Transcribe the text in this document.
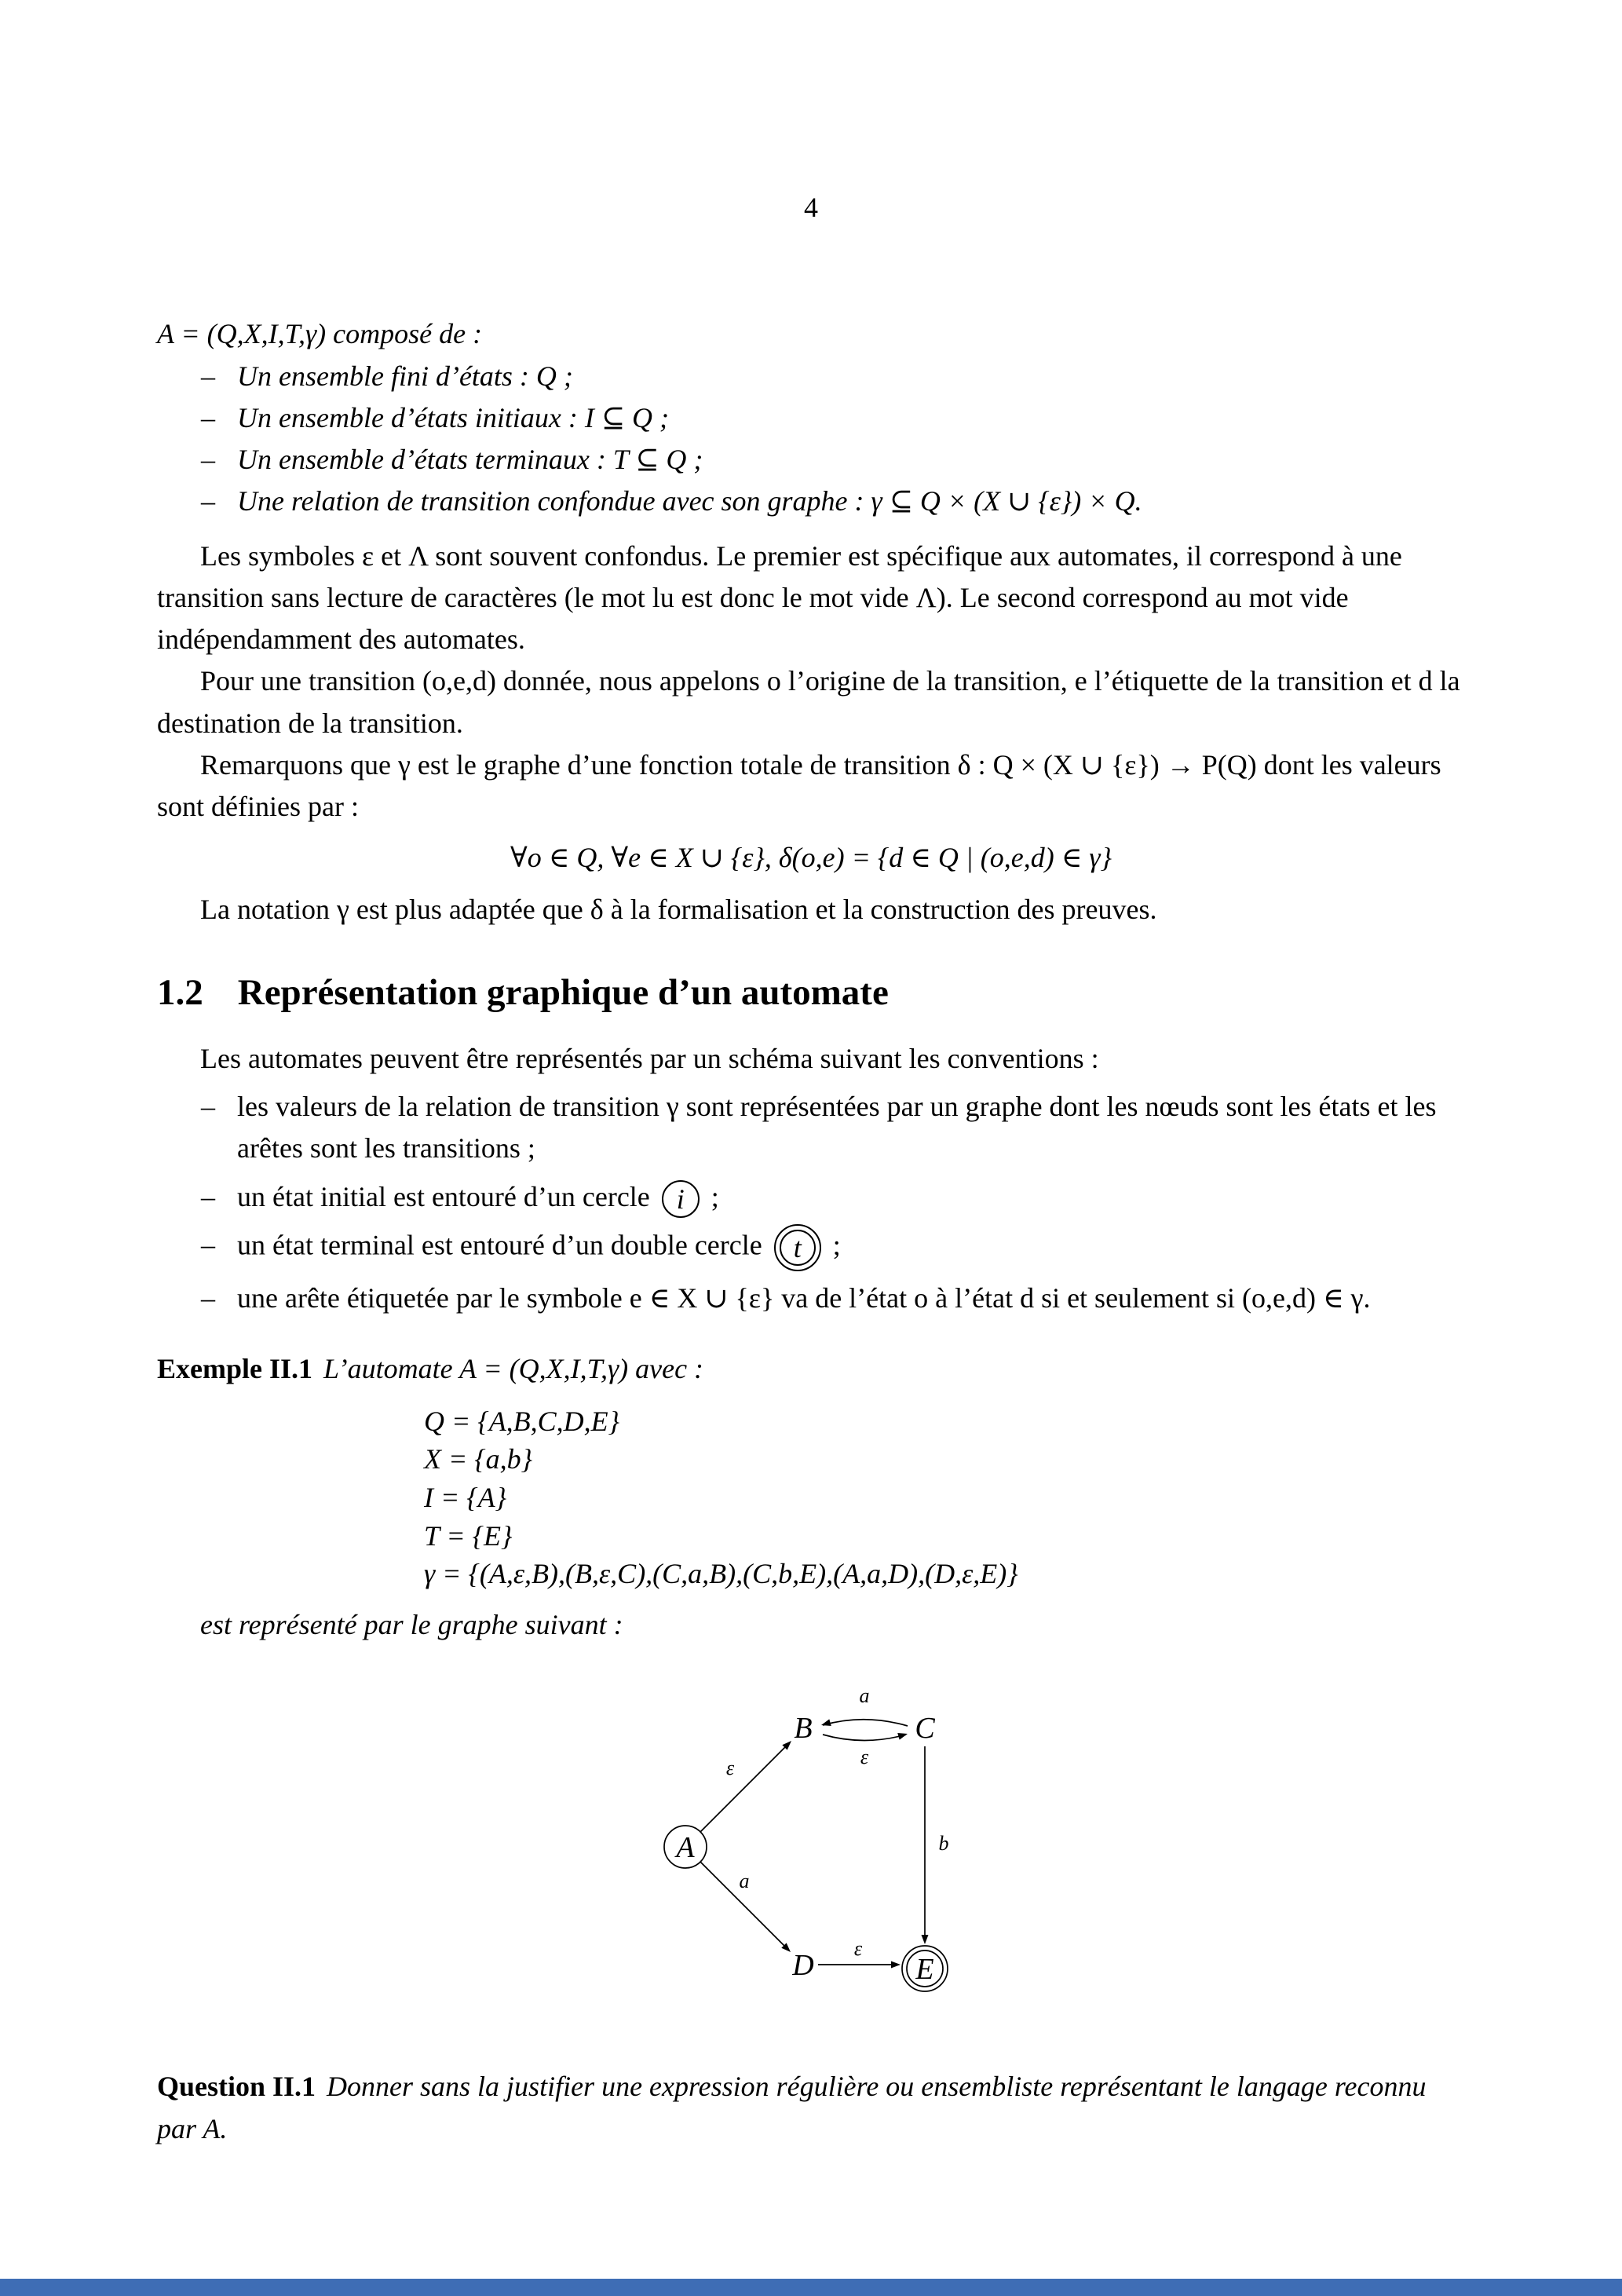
4

A = (Q,X,I,T,γ) composé de :

– Un ensemble fini d’états : Q ;
– Un ensemble d’états initiaux : I ⊆ Q ;
– Un ensemble d’états terminaux : T ⊆ Q ;
– Une relation de transition confondue avec son graphe : γ ⊆ Q × (X ∪ {ε}) × Q.

Les symboles ε et Λ sont souvent confondus. Le premier est spécifique aux automates, il correspond à une transition sans lecture de caractères (le mot lu est donc le mot vide Λ). Le second correspond au mot vide indépendamment des automates.

Pour une transition (o,e,d) donnée, nous appelons o l’origine de la transition, e l’étiquette de la transition et d la destination de la transition.

Remarquons que γ est le graphe d’une fonction totale de transition δ : Q × (X ∪ {ε}) → P(Q) dont les valeurs sont définies par :

∀o ∈ Q, ∀e ∈ X ∪ {ε}, δ(o,e) = {d ∈ Q | (o,e,d) ∈ γ}

La notation γ est plus adaptée que δ à la formalisation et la construction des preuves.

1.2 Représentation graphique d’un automate

Les automates peuvent être représentés par un schéma suivant les conventions :

– les valeurs de la relation de transition γ sont représentées par un graphe dont les nœuds sont les états et les arêtes sont les transitions ;
– un état initial est entouré d’un cercle i ;
– un état terminal est entouré d’un double cercle t ;
– une arête étiquetée par le symbole e ∈ X ∪ {ε} va de l’état o à l’état d si et seulement si (o,e,d) ∈ γ.

Exemple II.1 L’automate A = (Q,X,I,T,γ) avec :

Q = {A,B,C,D,E}
X = {a,b}
I = {A}
T = {E}
γ = {(A,ε,B),(B,ε,C),(C,a,B),(C,b,E),(A,a,D),(D,ε,E)}

est représenté par le graphe suivant :

ε
a
a
ε
b
ε
A
B	C
D	E

Question II.1 Donner sans la justifier une expression régulière ou ensembliste représentant le langage reconnu par A.
